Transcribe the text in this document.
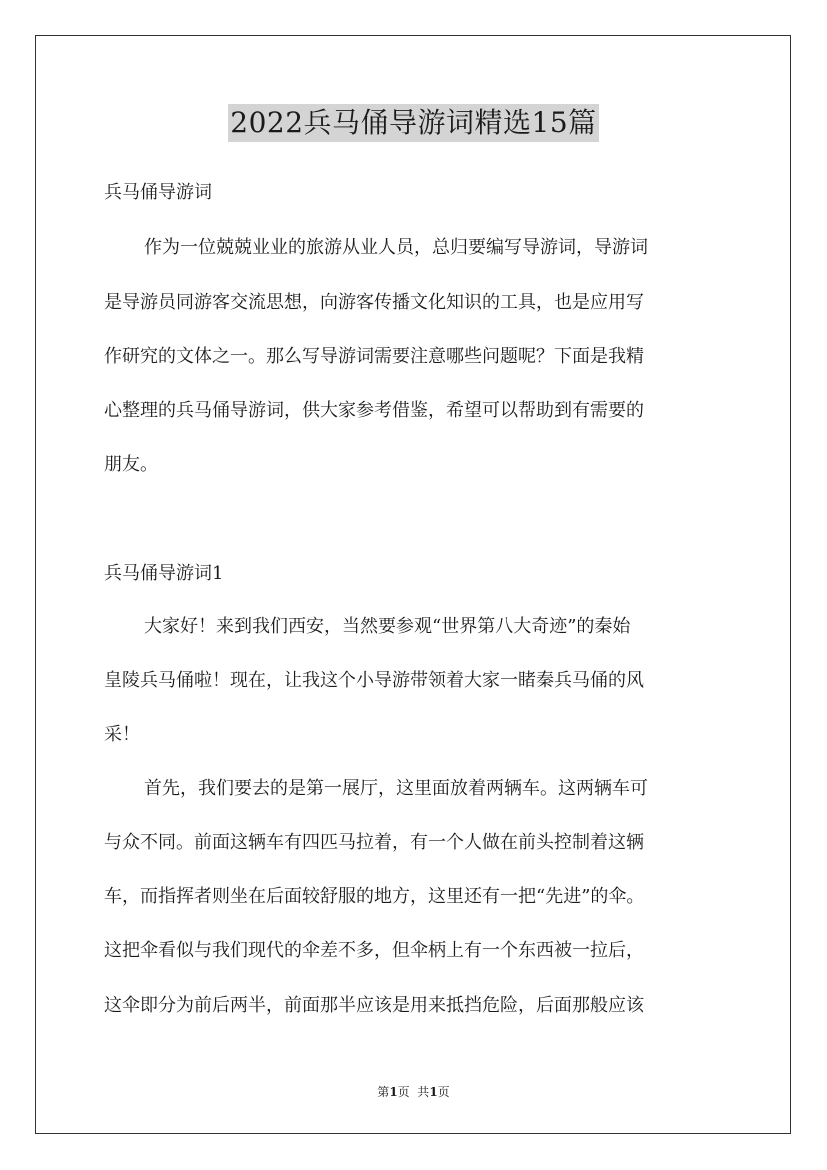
2022兵马俑导游词精选15篇
兵马俑导游词
作为一位兢兢业业的旅游从业人员，总归要编写导游词，导游词
是导游员同游客交流思想，向游客传播文化知识的工具，也是应用写
作研究的文体之一。那么写导游词需要注意哪些问题呢？下面是我精
心整理的兵马俑导游词，供大家参考借鉴，希望可以帮助到有需要的
朋友。
兵马俑导游词1
大家好！来到我们西安，当然要参观“世界第八大奇迹”的秦始
皇陵兵马俑啦！现在，让我这个小导游带领着大家一睹秦兵马俑的风
采！
首先，我们要去的是第一展厅，这里面放着两辆车。这两辆车可
与众不同。前面这辆车有四匹马拉着，有一个人做在前头控制着这辆
车，而指挥者则坐在后面较舒服的地方，这里还有一把“先进”的伞。
这把伞看似与我们现代的伞差不多，但伞柄上有一个东西被一拉后，
这伞即分为前后两半，前面那半应该是用来抵挡危险，后面那般应该
第1页  共1页
